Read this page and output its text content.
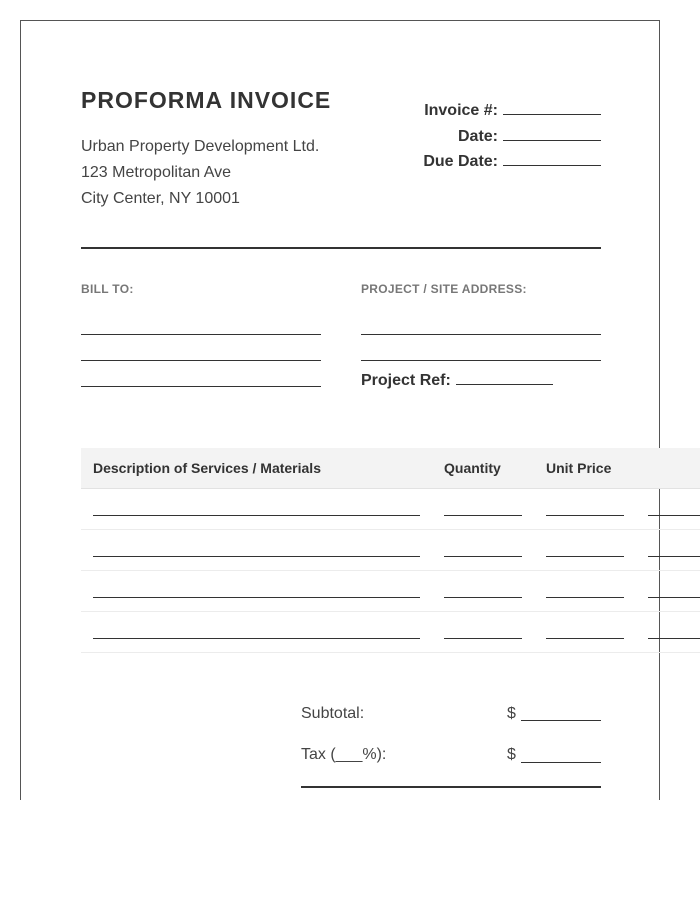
PROFORMA INVOICE
Urban Property Development Ltd.
123 Metropolitan Ave
City Center, NY 10001
Invoice #:
Date:
Due Date:
BILL TO:	PROJECT / SITE ADDRESS:
Project Ref:
Description of Services / Materials	Quantity	Unit Price
Subtotal:	$
Tax (___%):	$
